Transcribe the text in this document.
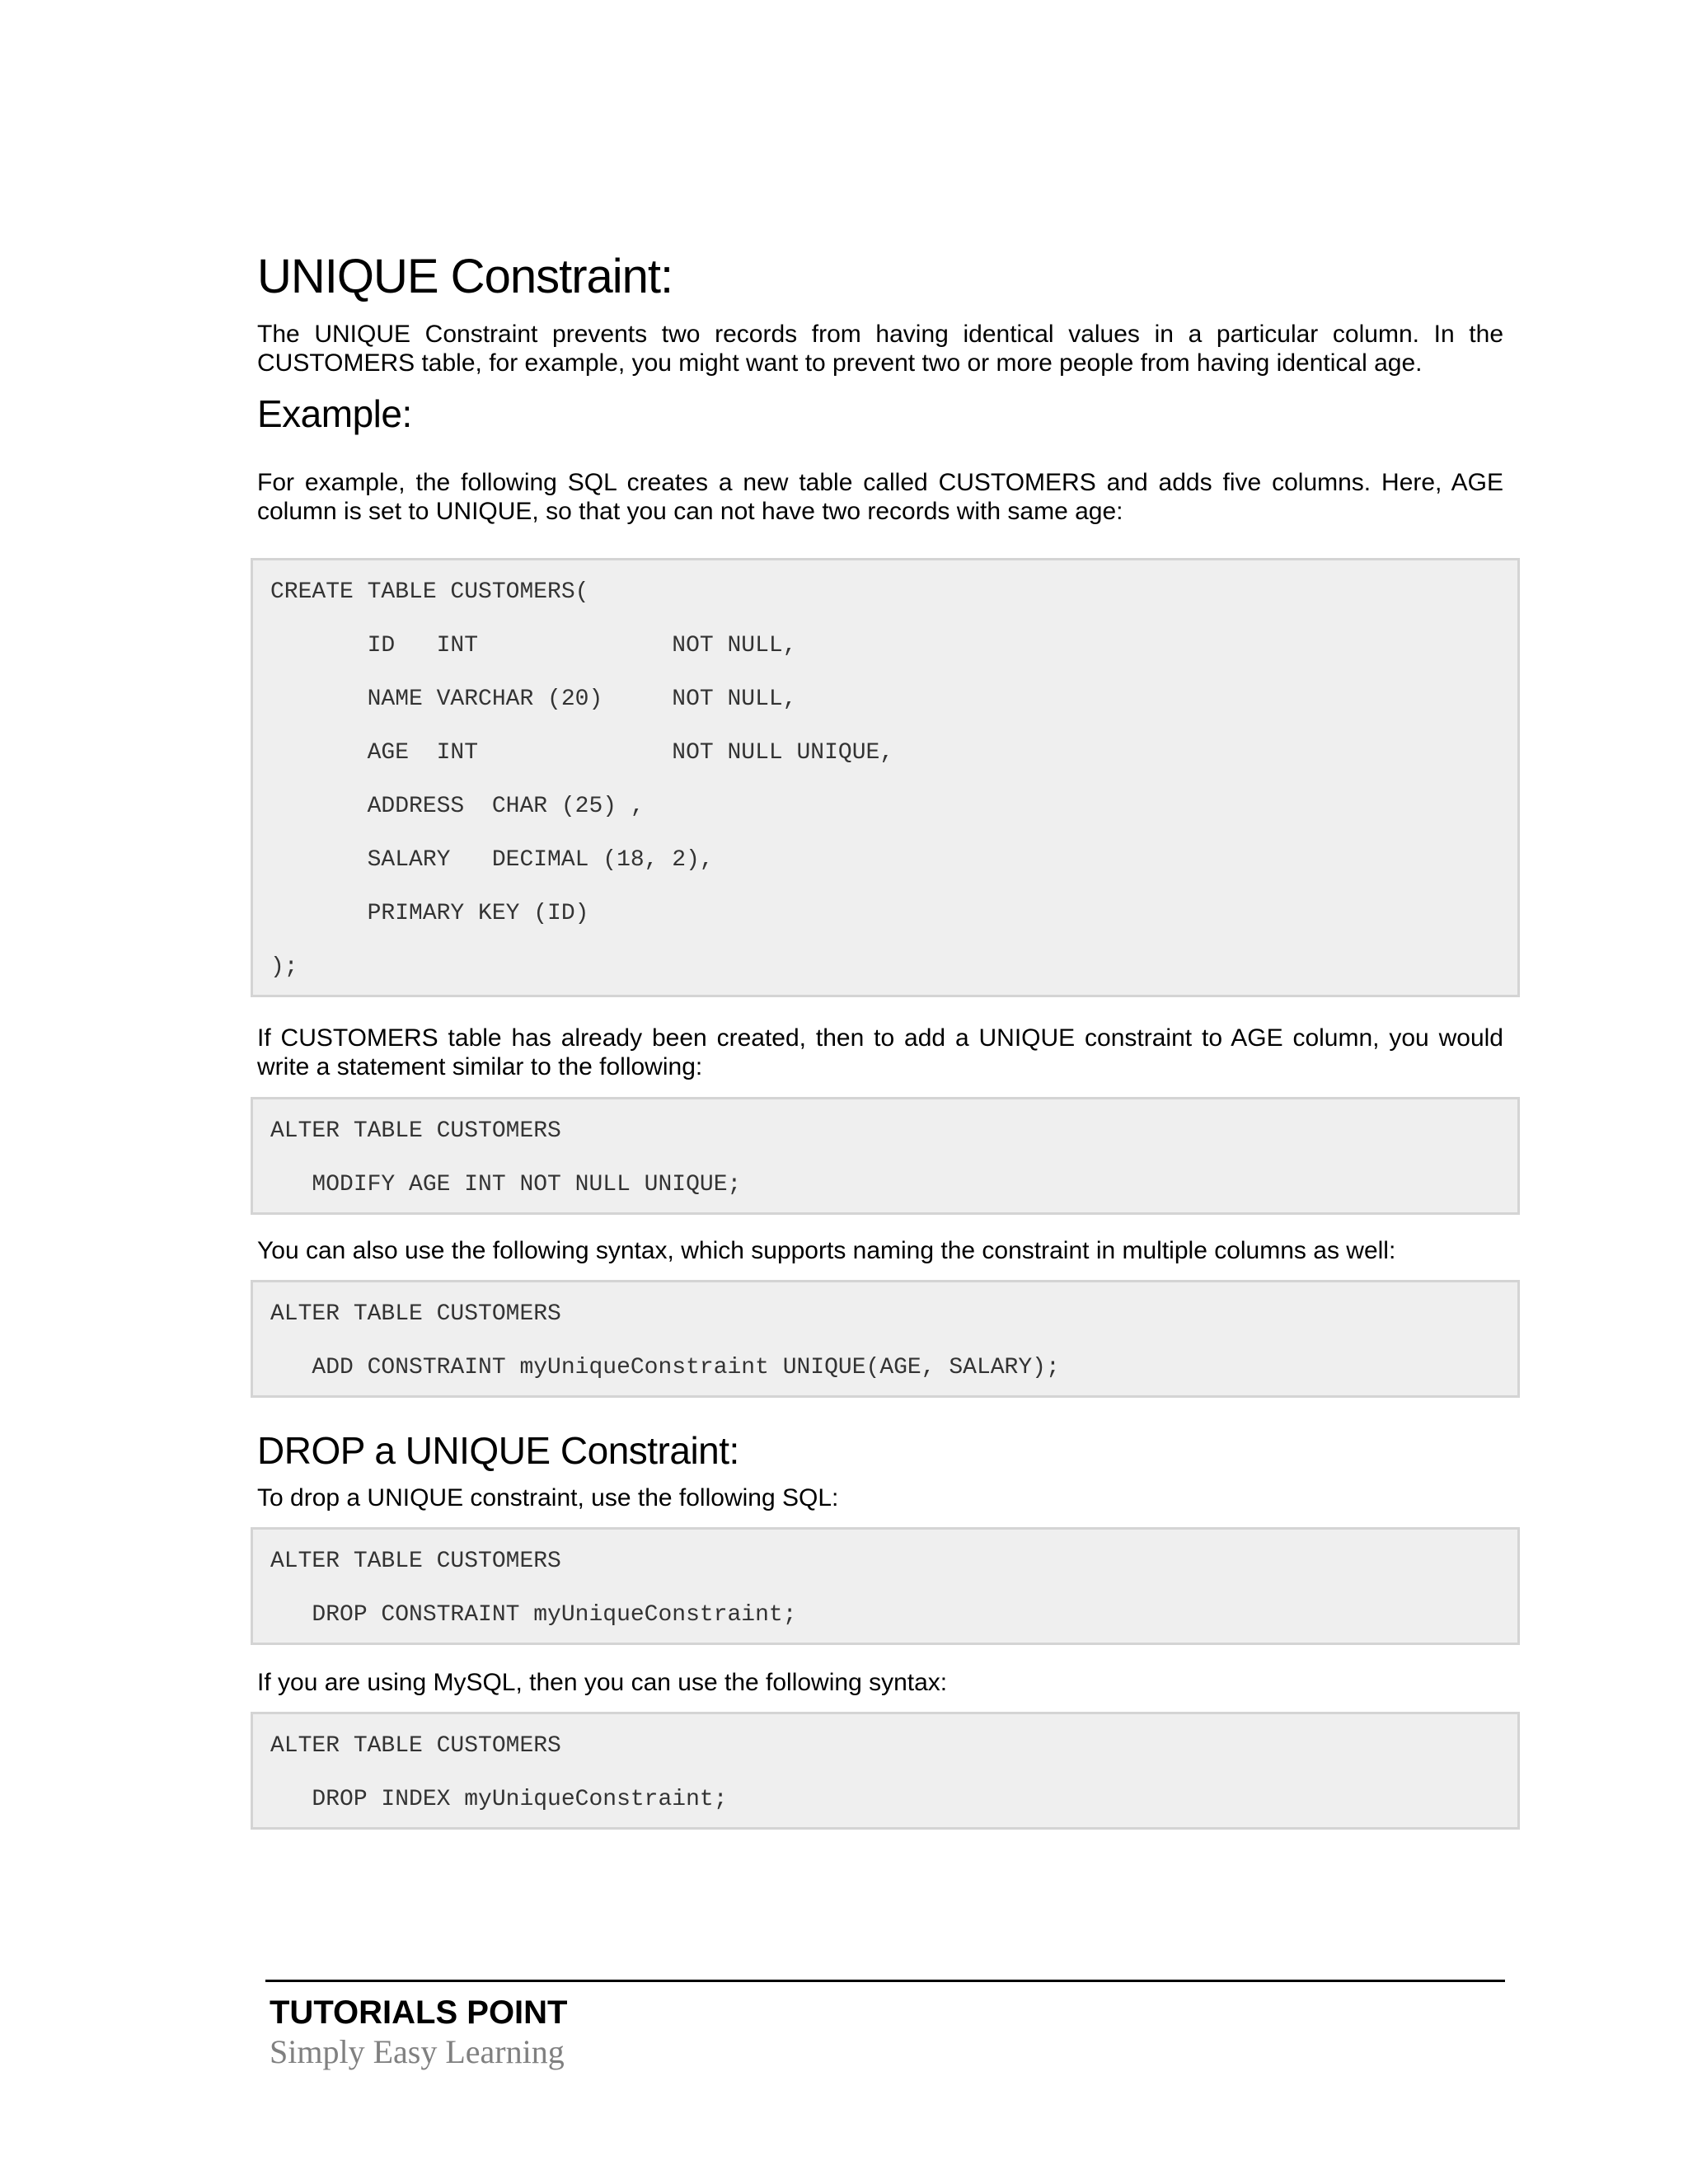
UNIQUE Constraint:

The UNIQUE Constraint prevents two records from having identical values in a particular column. In the CUSTOMERS table, for example, you might want to prevent two or more people from having identical age.

Example:

For example, the following SQL creates a new table called CUSTOMERS and adds five columns. Here, AGE column is set to UNIQUE, so that you can not have two records with same age:

CREATE TABLE CUSTOMERS(
ID   INT              NOT NULL,
NAME VARCHAR (20)     NOT NULL,
AGE  INT              NOT NULL UNIQUE,
ADDRESS  CHAR (25) ,
SALARY   DECIMAL (18, 2),
PRIMARY KEY (ID)
);

If CUSTOMERS table has already been created, then to add a UNIQUE constraint to AGE column, you would write a statement similar to the following:

ALTER TABLE CUSTOMERS
MODIFY AGE INT NOT NULL UNIQUE;

You can also use the following syntax, which supports naming the constraint in multiple columns as well:

ALTER TABLE CUSTOMERS
ADD CONSTRAINT myUniqueConstraint UNIQUE(AGE, SALARY);
DROP a UNIQUE Constraint:

To drop a UNIQUE constraint, use the following SQL:

ALTER TABLE CUSTOMERS
DROP CONSTRAINT myUniqueConstraint;

If you are using MySQL, then you can use the following syntax:

ALTER TABLE CUSTOMERS
DROP INDEX myUniqueConstraint;
TUTORIALS POINT
Simply Easy Learning
